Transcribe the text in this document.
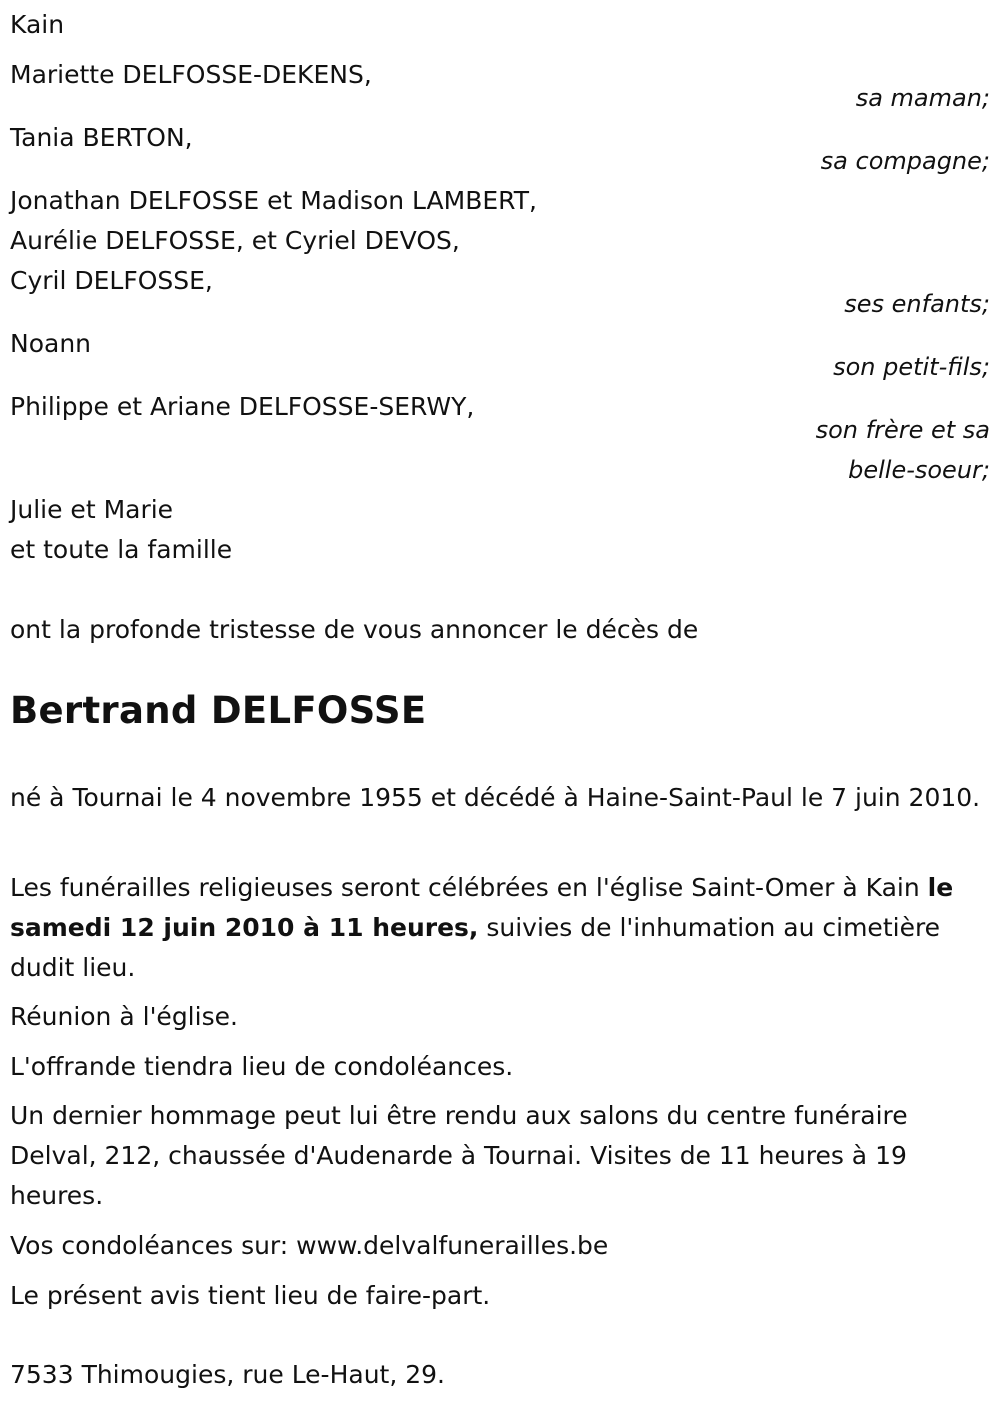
Kain
Mariette DELFOSSE-DEKENS,
sa maman;
Tania BERTON,
sa compagne;
Jonathan DELFOSSE et Madison LAMBERT,
Aurélie DELFOSSE, et Cyriel DEVOS,
Cyril DELFOSSE,
ses enfants;
Noann
son petit-fils;
Philippe et Ariane DELFOSSE-SERWY,
son frère et sa
belle-soeur;
Julie et Marie
et toute la famille
ont la profonde tristesse de vous annoncer le décès de
Bertrand DELFOSSE
né à Tournai le 4 novembre 1955 et décédé à Haine-Saint-Paul le 7 juin 2010.
Les funérailles religieuses seront célébrées en l'église Saint-Omer à Kain le samedi 12 juin 2010 à 11 heures, suivies de l'inhumation au cimetière dudit lieu.
Réunion à l'église.
L'offrande tiendra lieu de condoléances.
Un dernier hommage peut lui être rendu aux salons du centre funéraire Delval, 212, chaussée d'Audenarde à Tournai. Visites de 11 heures à 19 heures.
Vos condoléances sur: www.delvalfunerailles.be
Le présent avis tient lieu de faire-part.
7533 Thimougies, rue Le-Haut, 29.
